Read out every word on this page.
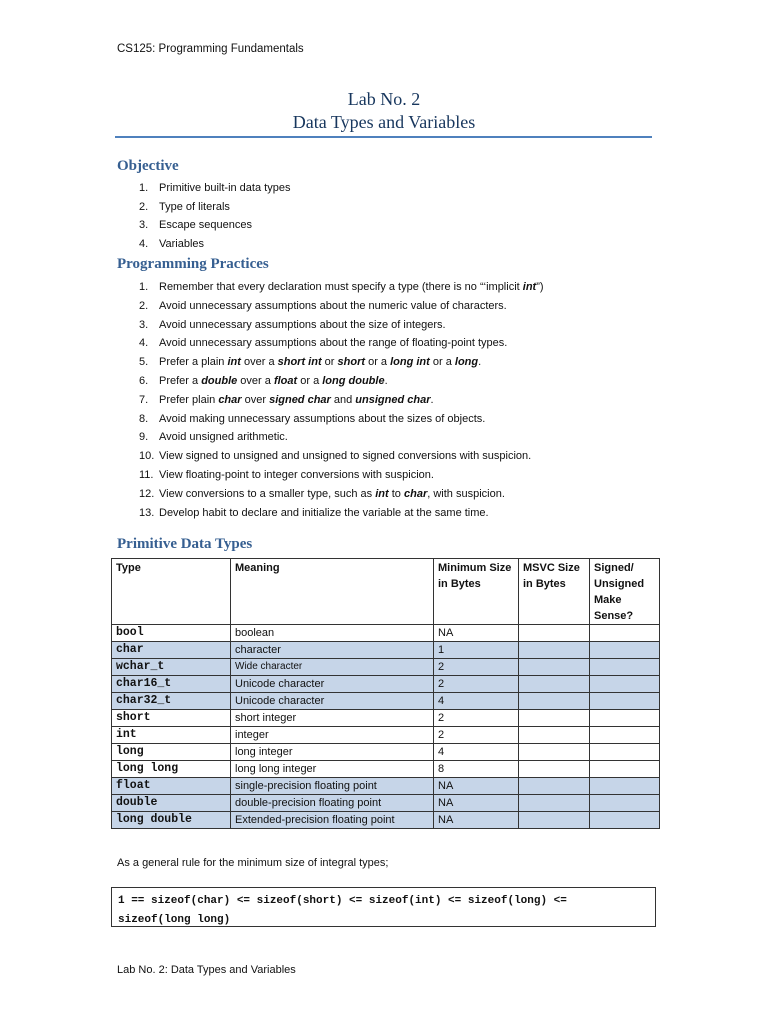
CS125: Programming Fundamentals
Lab No. 2
Data Types and Variables
Objective
1. Primitive built-in data types
2. Type of literals
3. Escape sequences
4. Variables
Programming Practices
1. Remember that every declaration must specify a type (there is no “‘implicit int”)
2. Avoid unnecessary assumptions about the numeric value of characters.
3. Avoid unnecessary assumptions about the size of integers.
4. Avoid unnecessary assumptions about the range of floating-point types.
5. Prefer a plain int over a short int or short or a long int or a long.
6. Prefer a double over a float or a long double.
7. Prefer plain char over signed char and unsigned char.
8. Avoid making unnecessary assumptions about the sizes of objects.
9. Avoid unsigned arithmetic.
10. View signed to unsigned and unsigned to signed conversions with suspicion.
11. View floating-point to integer conversions with suspicion.
12. View conversions to a smaller type, such as int to char, with suspicion.
13. Develop habit to declare and initialize the variable at the same time.
Primitive Data Types
Type	Meaning	Minimum Size in Bytes	MSVC Size in Bytes	Signed/ Unsigned Make Sense?
bool	boolean	NA		
char	character	1		
wchar_t	Wide character	2		
char16_t	Unicode character	2		
char32_t	Unicode character	4		
short	short integer	2		
int	integer	2		
long	long integer	4		
long long	long long integer	8		
float	single-precision floating point	NA		
double	double-precision floating point	NA		
long double	Extended-precision floating point	NA		
As a general rule for the minimum size of integral types;
1 == sizeof(char) <= sizeof(short) <= sizeof(int) <= sizeof(long) <=
sizeof(long long)
Lab No. 2: Data Types and Variables
